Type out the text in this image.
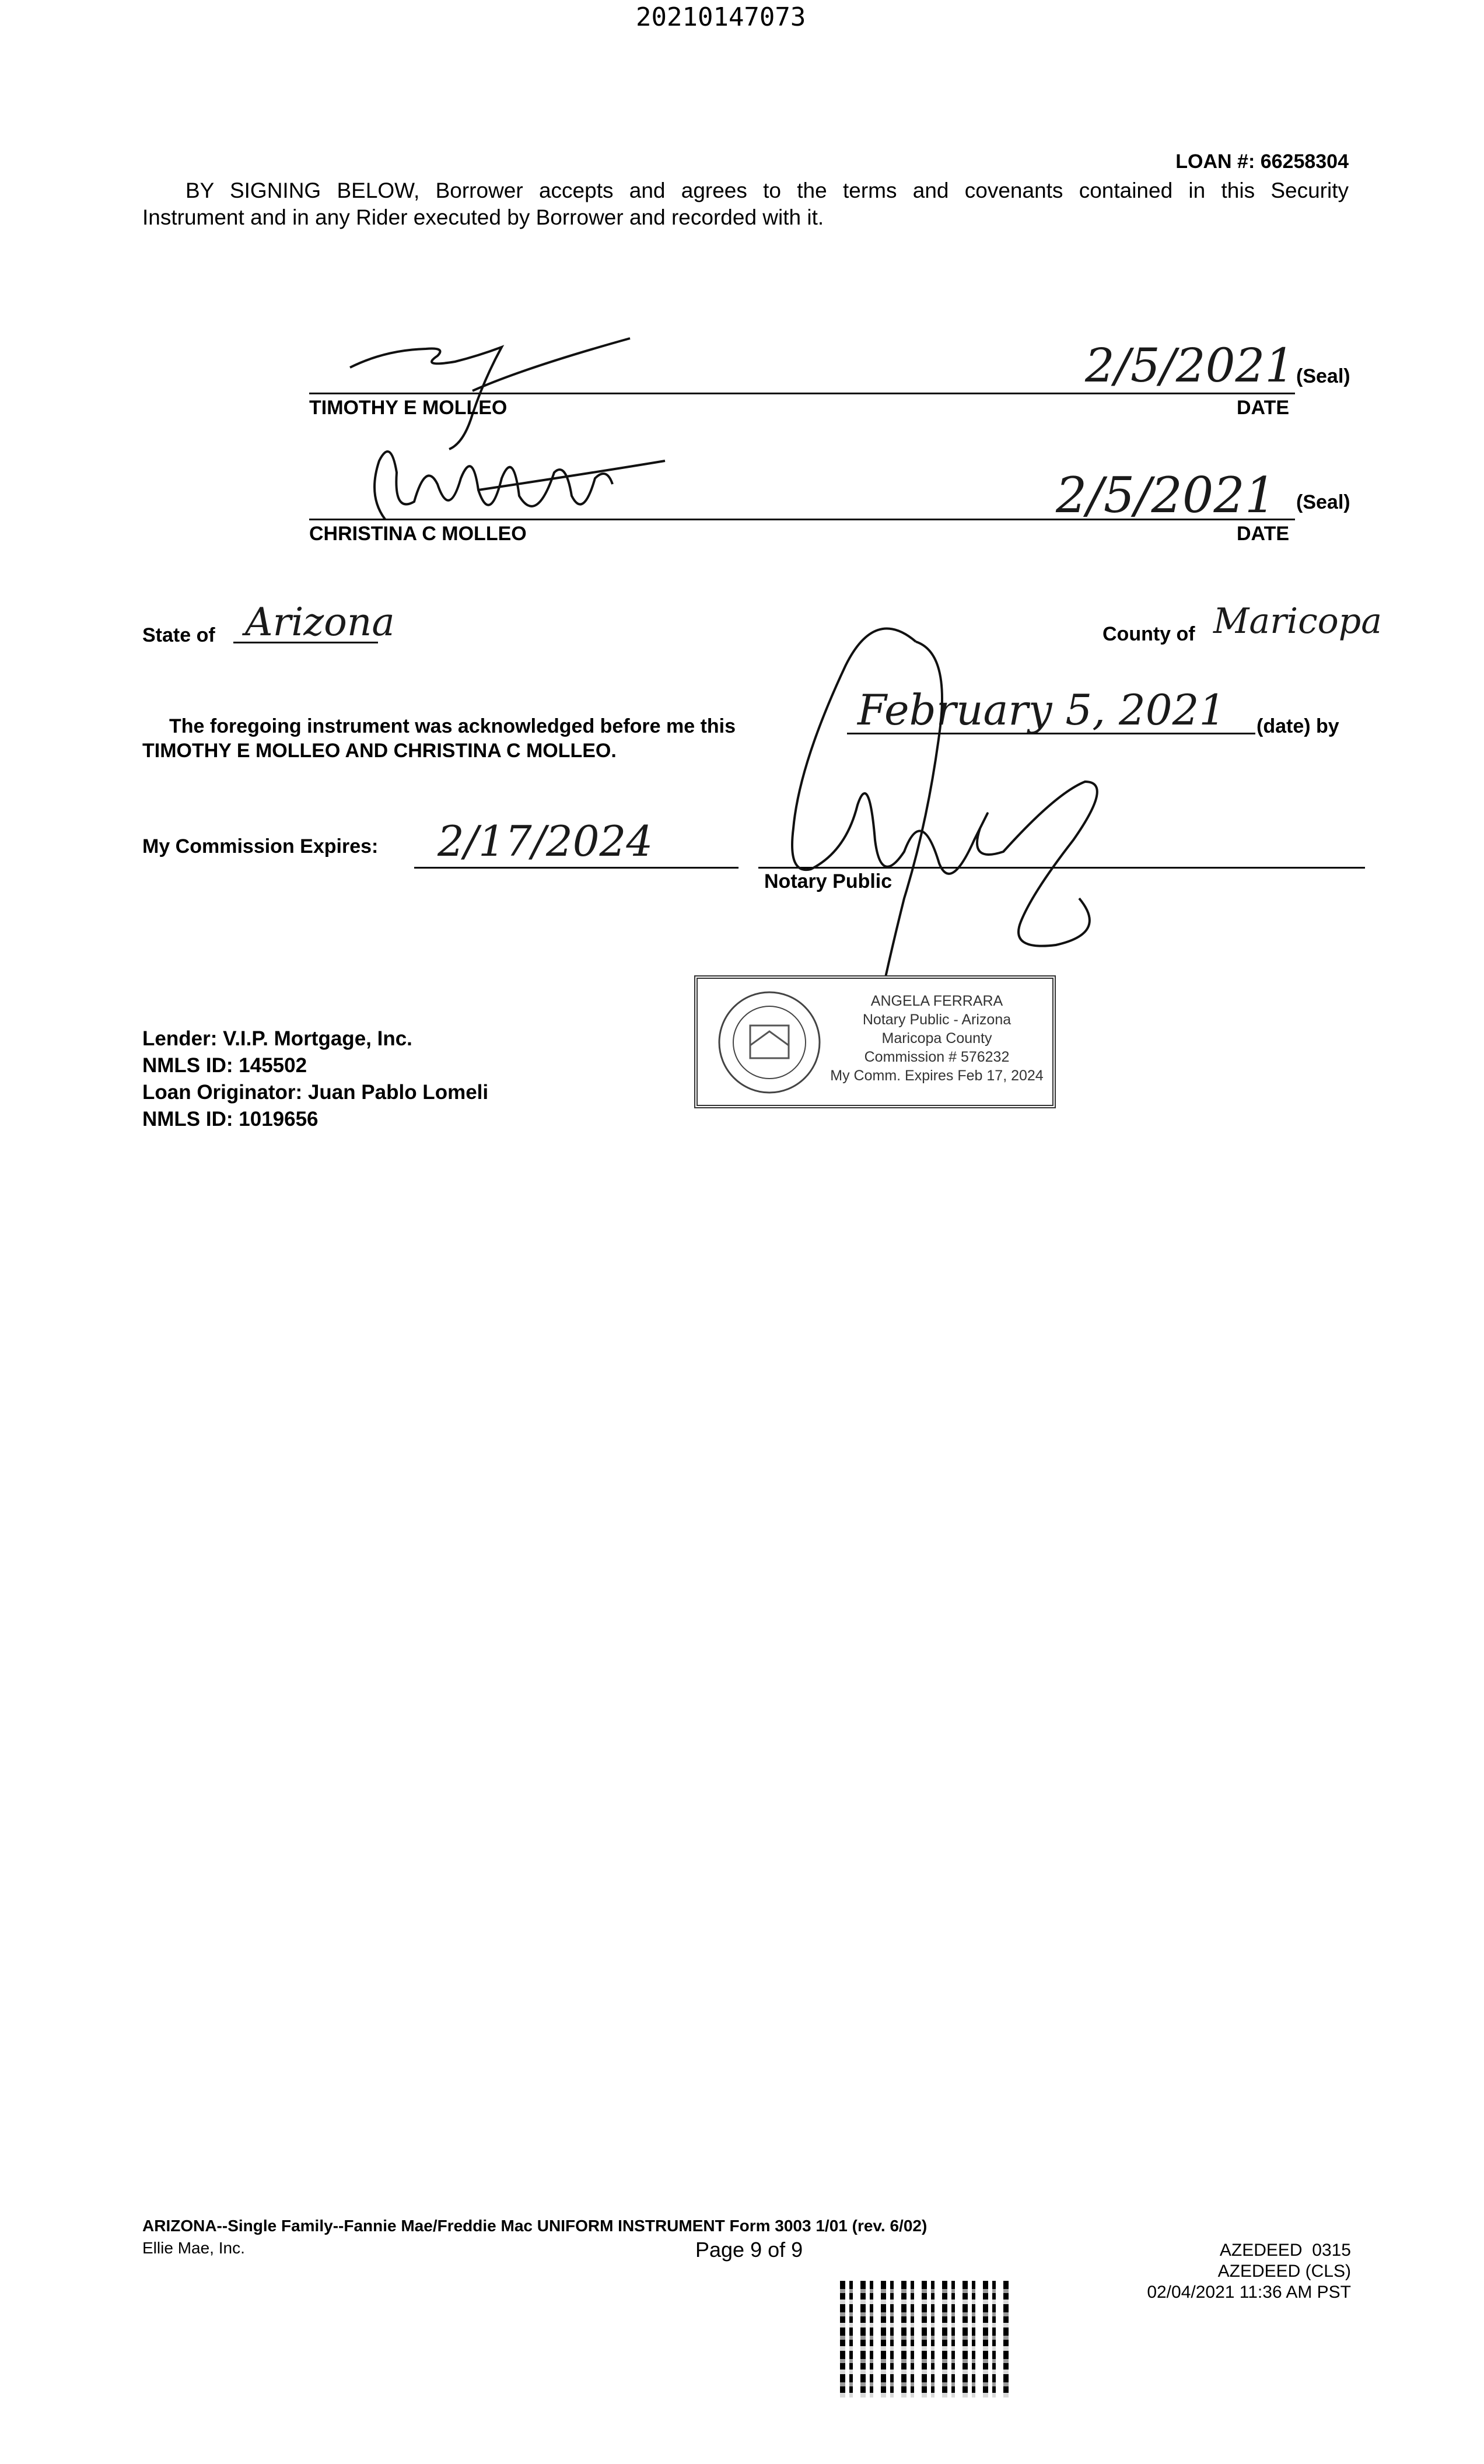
20210147073
LOAN #: 66258304
BY SIGNING BELOW, Borrower accepts and agrees to the terms and covenants contained in this Security
Instrument and in any Rider executed by Borrower and recorded with it.
2/5/2021 (Seal)
TIMOTHY E MOLLEO	DATE
2/5/2021 (Seal)
CHRISTINA C MOLLEO	DATE
State of Arizona	County of Maricopa
The foregoing instrument was acknowledged before me this	February 5, 2021 (date) by
TIMOTHY E MOLLEO AND CHRISTINA C MOLLEO.
My Commission Expires: 2/17/2024
Notary Public
ANGELA FERRARA
Notary Public - Arizona
Maricopa County
Commission # 576232
My Comm. Expires Feb 17, 2024
Lender: V.I.P. Mortgage, Inc.
NMLS ID: 145502
Loan Originator: Juan Pablo Lomeli
NMLS ID: 1019656
ARIZONA--Single Family--Fannie Mae/Freddie Mac UNIFORM INSTRUMENT Form 3003 1/01 (rev. 6/02)
Ellie Mae, Inc.	Page 9 of 9	AZEDEED  0315
AZEDEED (CLS)
02/04/2021 11:36 AM PST
